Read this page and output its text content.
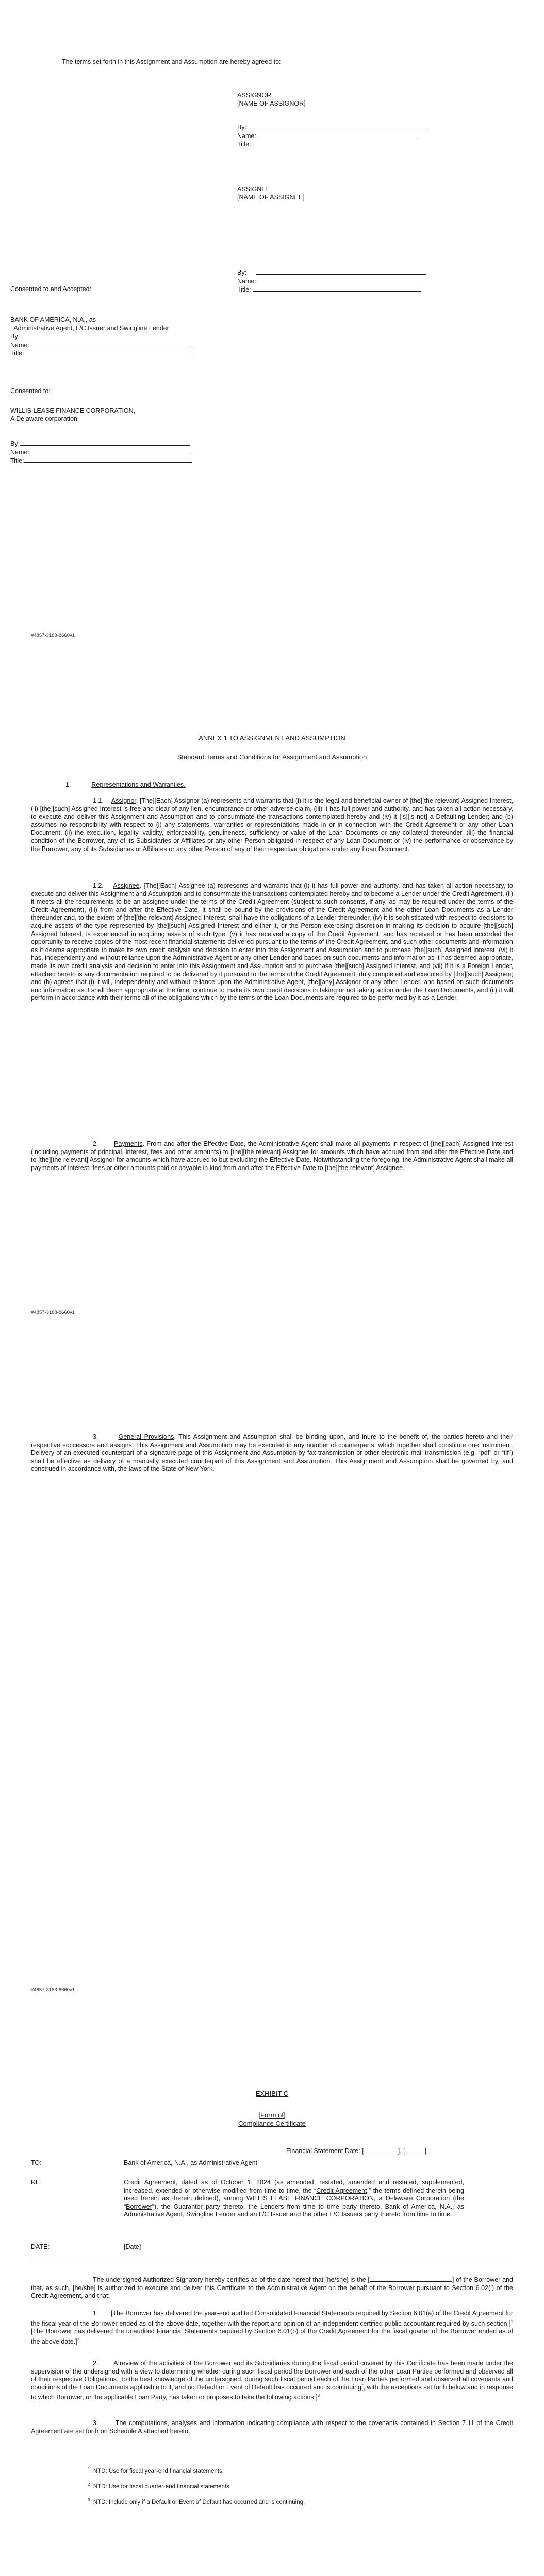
The terms set forth in this Assignment and Assumption are hereby agreed to:
ASSIGNOR
[NAME OF ASSIGNOR]
By:
Name:
Title:
ASSIGNEE
[NAME OF ASSIGNEE]
By:
Name:
Title:
Consented to and Accepted:
BANK OF AMERICA, N.A., as
Administrative Agent, L/C Issuer and Swingline Lender
By:
Name:
Title:
Consented to:
WILLIS LEASE FINANCE CORPORATION,
A Delaware corporation
By:
Name:
Title:
#4857-3188-8660v1
ANNEX 1 TO ASSIGNMENT AND ASSUMPTION
Standard Terms and Conditions for Assignment and Assumption

1.	Representations and Warranties.

1.1. Assignor. [The][Each] Assignor (a) represents and warrants that (i) it is the legal and beneficial owner of [the][the relevant] Assigned Interest, (ii) [the][such] Assigned Interest is free and clear of any lien, encumbrance or other adverse claim, (iii) it has full power and authority, and has taken all action necessary, to execute and deliver this Assignment and Assumption and to consummate the transactions contemplated hereby and (iv) it [is][is not] a Defaulting Lender; and (b) assumes no responsibility with respect to (i) any statements, warranties or representations made in or in connection with the Credit Agreement or any other Loan Document, (ii) the execution, legality, validity, enforceability, genuineness, sufficiency or value of the Loan Documents or any collateral thereunder, (iii) the financial condition of the Borrower, any of its Subsidiaries or Affiliates or any other Person obligated in respect of any Loan Document or (iv) the performance or observance by the Borrower, any of its Subsidiaries or Affiliates or any other Person of any of their respective obligations under any Loan Document.

1.2. Assignee. [The][Each] Assignee (a) represents and warrants that (i) it has full power and authority, and has taken all action necessary, to execute and deliver this Assignment and Assumption and to consummate the transactions contemplated hereby and to become a Lender under the Credit Agreement, (ii) it meets all the requirements to be an assignee under the terms of the Credit Agreement (subject to such consents, if any, as may be required under the terms of the Credit Agreement), (iii) from and after the Effective Date, it shall be bound by the provisions of the Credit Agreement and the other Loan Documents as a Lender thereunder and, to the extent of [the][the relevant] Assigned Interest, shall have the obligations of a Lender thereunder, (iv) it is sophisticated with respect to decisions to acquire assets of the type represented by [the][such] Assigned Interest and either it, or the Person exercising discretion in making its decision to acquire [the][such] Assigned Interest, is experienced in acquiring assets of such type, (v) it has received a copy of the Credit Agreement, and has received or has been accorded the opportunity to receive copies of the most recent financial statements delivered pursuant to the terms of the Credit Agreement, and such other documents and information as it deems appropriate to make its own credit analysis and decision to enter into this Assignment and Assumption and to purchase [the][such] Assigned Interest, (vi) it has, independently and without reliance upon the Administrative Agent or any other Lender and based on such documents and information as it has deemed appropriate, made its own credit analysis and decision to enter into this Assignment and Assumption and to purchase [the][such] Assigned Interest, and (vii) if it is a Foreign Lender, attached hereto is any documentation required to be delivered by it pursuant to the terms of the Credit Agreement, duly completed and executed by [the][such] Assignee; and (b) agrees that (i) it will, independently and without reliance upon the Administrative Agent, [the][any] Assignor or any other Lender, and based on such documents and information as it shall deem appropriate at the time, continue to make its own credit decisions in taking or not taking action under the Loan Documents, and (ii) it will perform in accordance with their terms all of the obligations which by the terms of the Loan Documents are required to be performed by it as a Lender.

2. Payments. From and after the Effective Date, the Administrative Agent shall make all payments in respect of [the][each] Assigned Interest (including payments of principal, interest, fees and other amounts) to [the][the relevant] Assignee for amounts which have accrued from and after the Effective Date and to [the][the relevant] Assignor for amounts which have accrued to but excluding the Effective Date. Notwithstanding the foregoing, the Administrative Agent shall make all payments of interest, fees or other amounts paid or payable in kind from and after the Effective Date to [the][the relevant] Assignee.

#4857-3188-8660v1

3.	General Provisions. This Assignment and Assumption shall be binding upon, and inure to the benefit of, the parties hereto and their respective successors and assigns. This Assignment and Assumption may be executed in any number of counterparts, which together shall constitute one instrument. Delivery of an executed counterpart of a signature page of this Assignment and Assumption by fax transmission or other electronic mail transmission (e.g. “pdf” or “tif”) shall be effective as delivery of a manually executed counterpart of this Assignment and Assumption. This Assignment and Assumption shall be governed by, and construed in accordance with, the laws of the State of New York.

#4857-3188-8660v1
EXHIBIT C
[Form of]
Compliance Certificate

Financial Statement Date: [	], [	]

TO:	Bank of America, N.A., as Administrative Agent
RE:	Credit Agreement, dated as of October 1, 2024 (as amended, restated, amended and restated, supplemented, increased, extended or otherwise modified from time to time, the “Credit Agreement,” the terms defined therein being used herein as therein defined), among WILLIS LEASE FINANCE CORPORATION, a Delaware Corporation (the “Borrower”), the Guarantor party thereto, the Lenders from time to time party thereto, Bank of America, N.A., as Administrative Agent, Swingline Lender and an L/C Issuer and the other L/C Issuers party thereto from time to time

DATE:	[Date]

The undersigned Authorized Signatory hereby certifies as of the date hereof that [he/she] is the [	] of the Borrower and that, as such, [he/she] is authorized to execute and deliver this Certificate to the Administrative Agent on the behalf of the Borrower pursuant to Section 6.02(i) of the Credit Agreement, and that:

1. [The Borrower has delivered the year-end audited Consolidated Financial Statements required by Section 6.01(a) of the Credit Agreement for the fiscal year of the Borrower ended as of the above date, together with the report and opinion of an independent certified public accountant required by such section.]$^1$ [The Borrower has delivered the unaudited Financial Statements required by Section 6.01(b) of the Credit Agreement for the fiscal quarter of the Borrower ended as of the above date.]$^2$

2. A review of the activities of the Borrower and its Subsidiaries during the fiscal period covered by this Certificate has been made under the supervision of the undersigned with a view to determining whether during such fiscal period the Borrower and each of the other Loan Parties performed and observed all of their respective Obligations. To the best knowledge of the undersigned, during such fiscal period each of the Loan Parties performed and observed all covenants and conditions of the Loan Documents applicable to it, and no Default or Event of Default has occurred and is continuing[, with the exceptions set forth below and in response to which Borrower, or the applicable Loan Party, has taken or proposes to take the following actions:]$^3$

3.	The computations, analyses and information indicating compliance with respect to the covenants contained in Section 7.11 of the Credit Agreement are set forth on Schedule A attached hereto.

$^1$ NTD: Use for fiscal year-end financial statements.
$^2$ NTD: Use for fiscal quarter-end financial statements.
$^3$ NTD: Include only if a Default or Event of Default has occurred and is continuing.
